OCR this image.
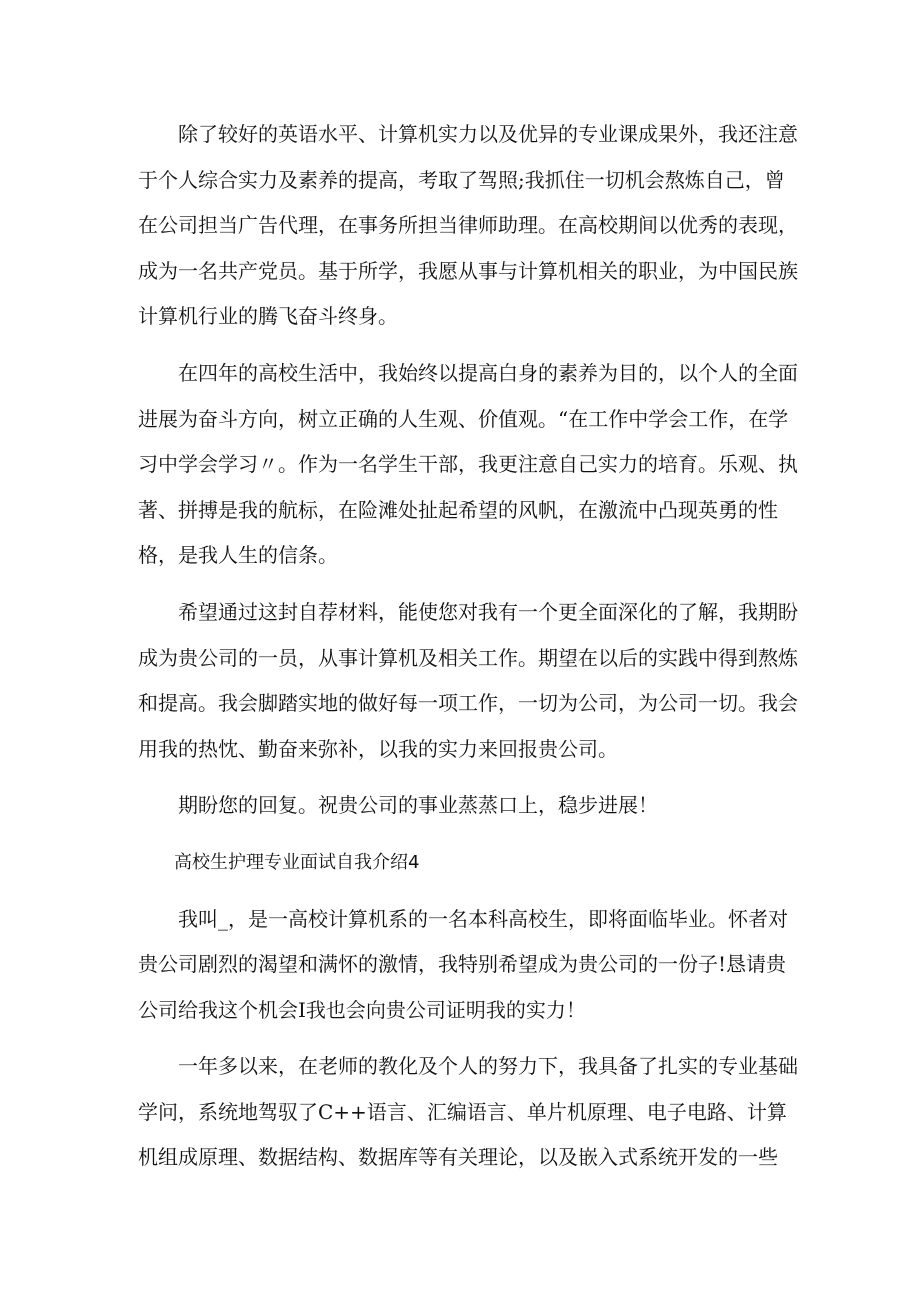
除了较好的英语水平、计算机实力以及优异的专业课成果外，我还注意于个人综合实力及素养的提高，考取了驾照;我抓住一切机会熬炼自己，曾在公司担当广告代理，在事务所担当律师助理。在高校期间以优秀的表现，成为一名共产党员。基于所学，我愿从事与计算机相关的职业，为中国民族计算机行业的腾飞奋斗终身。

在四年的高校生活中，我始终以提高白身的素养为目的，以个人的全面进展为奋斗方向，树立正确的人生观、价值观。“在工作中学会工作，在学习中学会学习〃。作为一名学生干部，我更注意自己实力的培育。乐观、执著、拼搏是我的航标，在险滩处扯起希望的风帆，在激流中凸现英勇的性格，是我人生的信条。

希望通过这封自荐材料，能使您对我有一个更全面深化的了解，我期盼成为贵公司的一员，从事计算机及相关工作。期望在以后的实践中得到熬炼和提高。我会脚踏实地的做好每一项工作，一切为公司，为公司一切。我会用我的热忱、勤奋来弥补，以我的实力来回报贵公司。

期盼您的回复。祝贵公司的事业蒸蒸口上，稳步进展！

高校生护理专业面试自我介绍4

我叫_，是一高校计算机系的一名本科高校生，即将面临毕业。怀者对贵公司剧烈的渴望和满怀的激情，我特别希望成为贵公司的一份子!恳请贵公司给我这个机会I我也会向贵公司证明我的实力！

一年多以来，在老师的教化及个人的努力下，我具备了扎实的专业基础学问，系统地驾驭了C++语言、汇编语言、单片机原理、电子电路、计算机组成原理、数据结构、数据库等有关理论，以及嵌入式系统开发的一些
